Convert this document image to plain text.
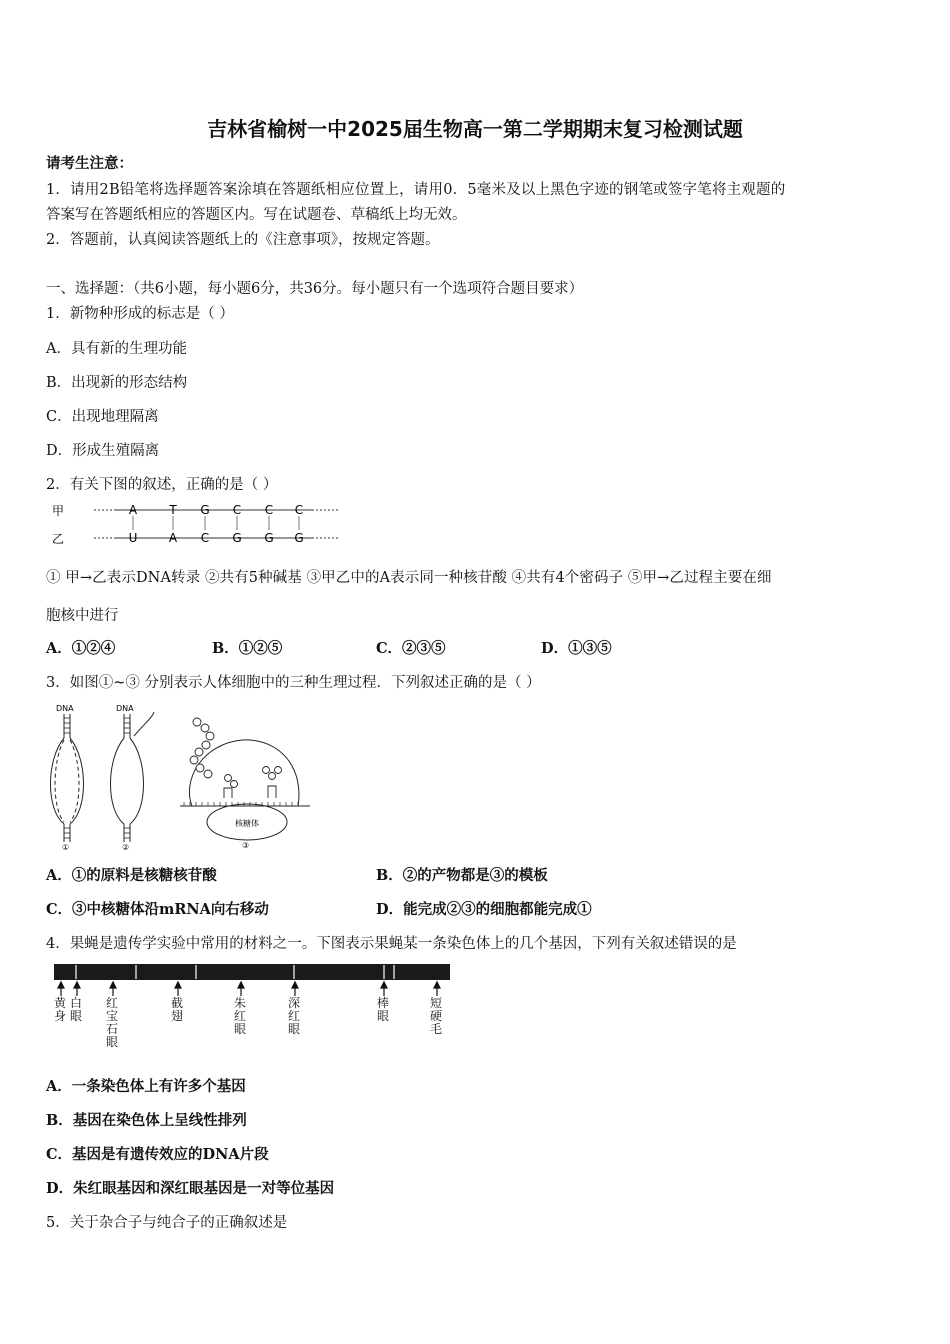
吉林省榆树一中2025届生物高一第二学期期末复习检测试题
请考生注意：
1．请用2B铅笔将选择题答案涂填在答题纸相应位置上，请用0．5毫米及以上黑色字迹的钢笔或签字笔将主观题的
答案写在答题纸相应的答题区内。写在试题卷、草稿纸上均无效。
2．答题前，认真阅读答题纸上的《注意事项》，按规定答题。
一、选择题：（共6小题，每小题6分，共36分。每小题只有一个选项符合题目要求）
1．新物种形成的标志是（ ）
A．具有新的生理功能
B．出现新的形态结构
C．出现地理隔离
D．形成生殖隔离
2．有关下图的叙述，正确的是（ ）
甲
乙
A	T G C C C
U	A C G G G
① 甲→乙表示DNA转录 ②共有5种碱基 ③甲乙中的A表示同一种核苷酸 ④共有4个密码子 ⑤甲→乙过程主要在细
胞核中进行
A．①②④	B．①②⑤	C．②③⑤	D．①③⑤
3．如图①~③ 分别表示人体细胞中的三种生理过程．下列叙述正确的是（ ）
DNA
①
DNA
②
核糖体
③
A．①的原料是核糖核苷酸	B．②的产物都是③的模板
C．③中核糖体沿mRNA向右移动	D．能完成②③的细胞都能完成①
4．果蝇是遗传学实验中常用的材料之一。下图表示果蝇某一条染色体上的几个基因，下列有关叙述错误的是
黄身
白眼
红宝石眼
截翅
朱红眼
深红眼
棒眼
短硬毛
A．一条染色体上有许多个基因
B．基因在染色体上呈线性排列
C．基因是有遗传效应的DNA片段
D．朱红眼基因和深红眼基因是一对等位基因
5．关于杂合子与纯合子的正确叙述是
